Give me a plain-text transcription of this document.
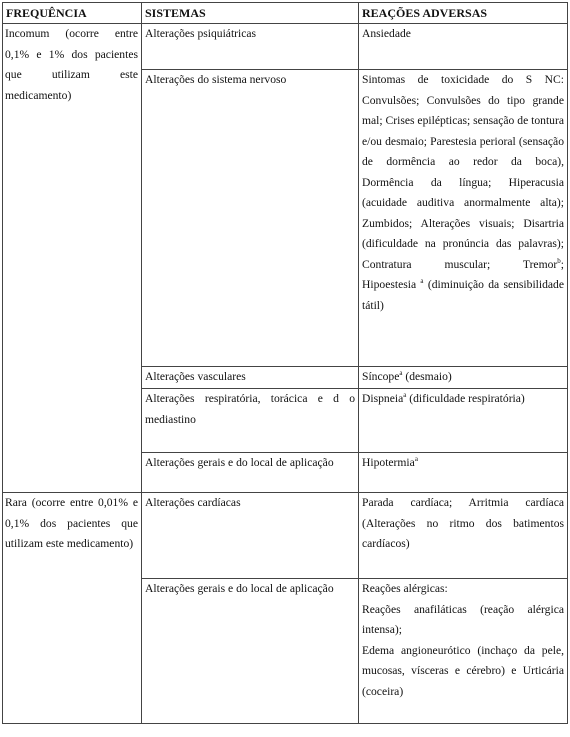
FREQUÊNCIA	SISTEMAS	REAÇÕES ADVERSAS
Incomum (ocorre entre 0,1% e 1% dos pacientes que utilizam este medicamento)	Alterações psiquiátricas	Ansiedade
	Alterações do sistema nervoso	Sintomas de toxicidade do S NC: Convulsões; Convulsões do tipo grande mal; Crises epilépticas; sensação de tontura e/ou desmaio; Parestesia perioral (sensação de dormência ao redor da boca), Dormência da língua; Hiperacusia (acuidade auditiva anormalmente alta); Zumbidos; Alterações visuais; Disartria (dificuldade na pronúncia das palavras); Contratura muscular; Tremor$^b$; Hipoestesia $^a$ (diminuição da sensibilidade tátil)
	Alterações vasculares	Síncope$^a$ (desmaio)
	Alterações respiratória, torácica e d o mediastino	Dispneia$^a$ (dificuldade respiratória)
	Alterações gerais e do local de aplicação	Hipotermia$^a$
Rara (ocorre entre 0,01% e 0,1% dos pacientes que utilizam este medicamento)	Alterações cardíacas	Parada cardíaca; Arritmia cardíaca (Alterações no ritmo dos batimentos cardíacos)
	Alterações gerais e do local de aplicação	Reações alérgicas:
Reações anafiláticas (reação alérgica intensa);
Edema angioneurótico (inchaço da pele, mucosas, vísceras e cérebro) e Urticária (coceira)
